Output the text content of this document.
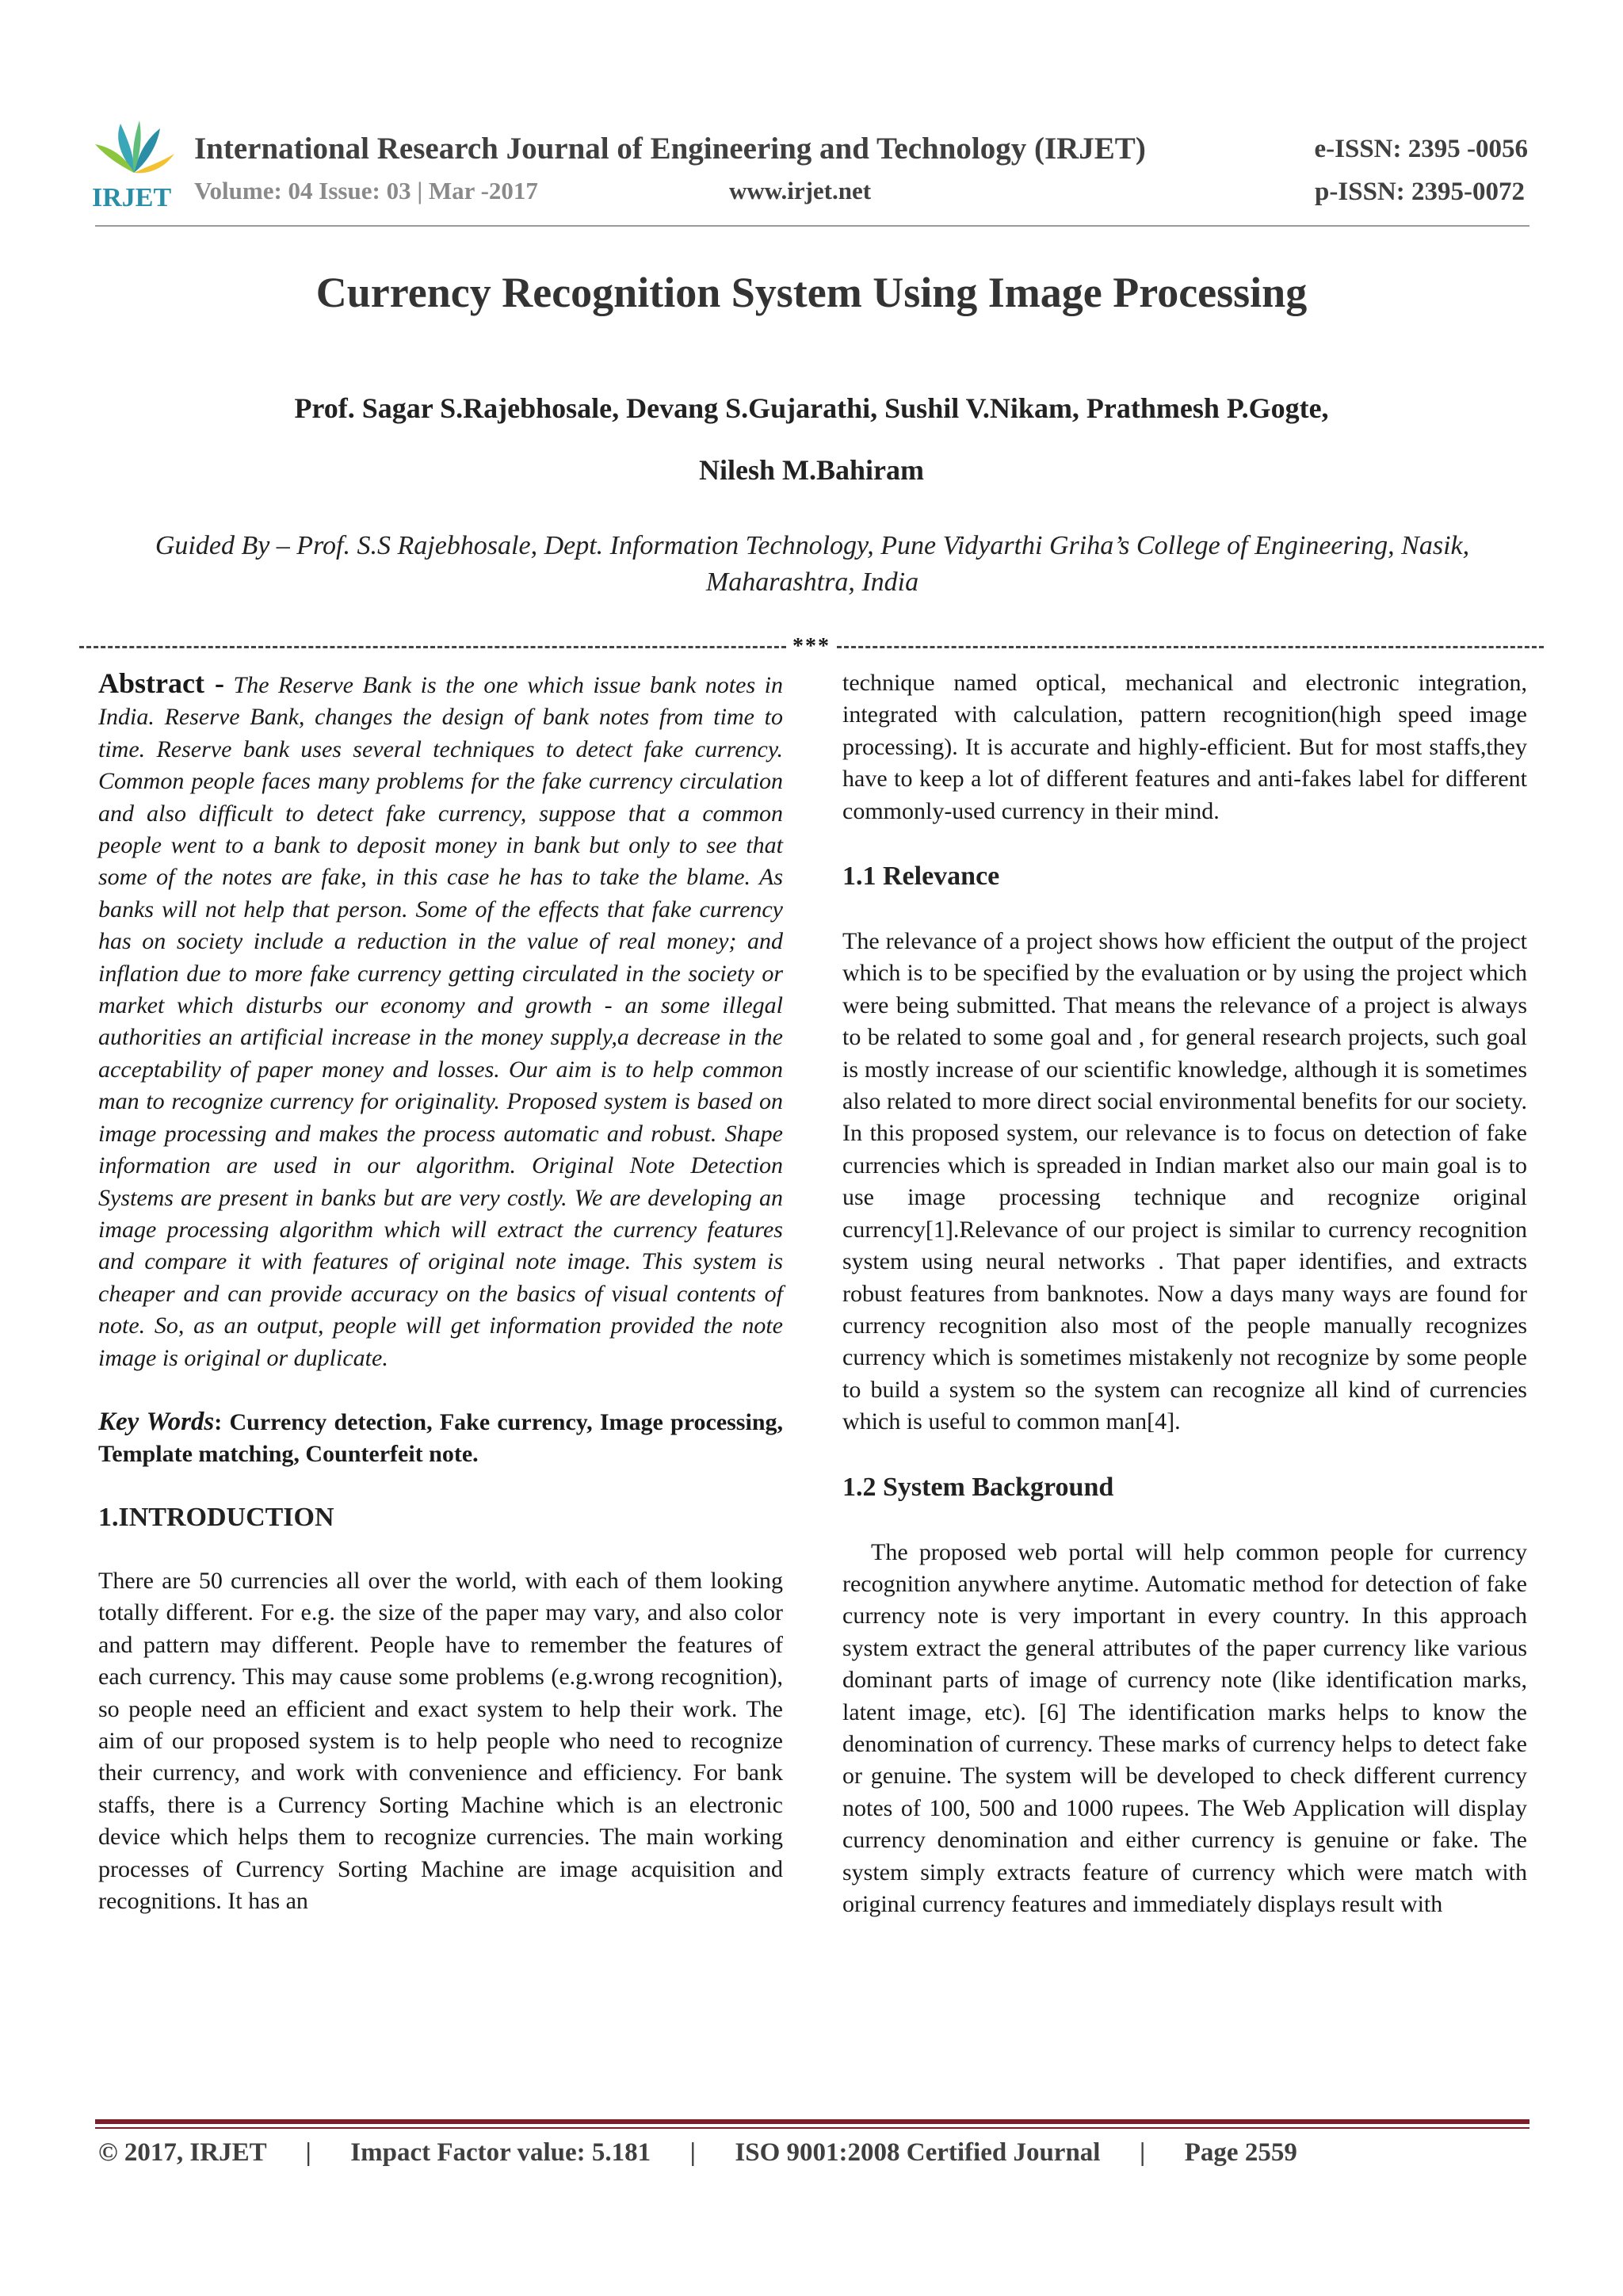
IRJET
International Research Journal of Engineering and Technology (IRJET)
Volume: 04 Issue: 03 | Mar -2017	www.irjet.net
e-ISSN: 2395 -0056
p-ISSN: 2395-0072
Currency Recognition System Using Image Processing
Prof. Sagar S.Rajebhosale, Devang S.Gujarathi, Sushil V.Nikam, Prathmesh P.Gogte,
Nilesh M.Bahiram
Guided By – Prof. S.S Rajebhosale, Dept. Information Technology, Pune Vidyarthi Griha’s College of Engineering, Nasik, Maharashtra, India
***

Abstract - The Reserve Bank is the one which issue bank notes in India. Reserve Bank, changes the design of bank notes from time to time. Reserve bank uses several techniques to detect fake currency. Common people faces many problems for the fake currency circulation and also difficult to detect fake currency, suppose that a common people went to a bank to deposit money in bank but only to see that some of the notes are fake, in this case he has to take the blame. As banks will not help that person. Some of the effects that fake currency has on society include a reduction in the value of real money; and inflation due to more fake currency getting circulated in the society or market which disturbs our economy and growth - an some illegal authorities an artificial increase in the money supply,a decrease in the acceptability of paper money and losses. Our aim is to help common man to recognize currency for originality. Proposed system is based on image processing and makes the process automatic and robust. Shape information are used in our algorithm. Original Note Detection Systems are present in banks but are very costly. We are developing an image processing algorithm which will extract the currency features and compare it with features of original note image. This system is cheaper and can provide accuracy on the basics of visual contents of note. So, as an output, people will get information provided the note image is original or duplicate.

Key Words: Currency detection, Fake currency, Image processing, Template matching, Counterfeit note.

1.INTRODUCTION

There are 50 currencies all over the world, with each of them looking totally different. For e.g. the size of the paper may vary, and also color and pattern may different. People have to remember the features of each currency. This may cause some problems (e.g.wrong recognition), so people need an efficient and exact system to help their work. The aim of our proposed system is to help people who need to recognize their currency, and work with convenience and efficiency. For bank staffs, there is a Currency Sorting Machine which is an electronic device which helps them to recognize currencies. The main working processes of Currency Sorting Machine are image acquisition and recognitions. It has an

technique named optical, mechanical and electronic integration, integrated with calculation, pattern recognition(high speed image processing). It is accurate and highly-efficient. But for most staffs,they have to keep a lot of different features and anti-fakes label for different commonly-used currency in their mind.

1.1 Relevance

The relevance of a project shows how efficient the output of the project which is to be specified by the evaluation or by using the project which were being submitted. That means the relevance of a project is always to be related to some goal and , for general research projects, such goal is mostly increase of our scientific knowledge, although it is sometimes also related to more direct social environmental benefits for our society. In this proposed system, our relevance is to focus on detection of fake currencies which is spreaded in Indian market also our main goal is to use image processing technique and recognize original currency[1].Relevance of our project is similar to currency recognition system using neural networks . That paper identifies, and extracts robust features from banknotes. Now a days many ways are found for currency recognition also most of the people manually recognizes currency which is sometimes mistakenly not recognize by some people to build a system so the system can recognize all kind of currencies which is useful to common man[4].

1.2 System Background

The proposed web portal will help common people for currency recognition anywhere anytime. Automatic method for detection of fake currency note is very important in every country. In this approach system extract the general attributes of the paper currency like various dominant parts of image of currency note (like identification marks, latent image, etc). [6] The identification marks helps to know the denomination of currency. These marks of currency helps to detect fake or genuine. The system will be developed to check different currency notes of 100, 500 and 1000 rupees. The Web Application will display currency denomination and either currency is genuine or fake. The system simply extracts feature of currency which were match with original currency features and immediately displays result with

© 2017, IRJET | Impact Factor value: 5.181 | ISO 9001:2008 Certified Journal | Page 2559
